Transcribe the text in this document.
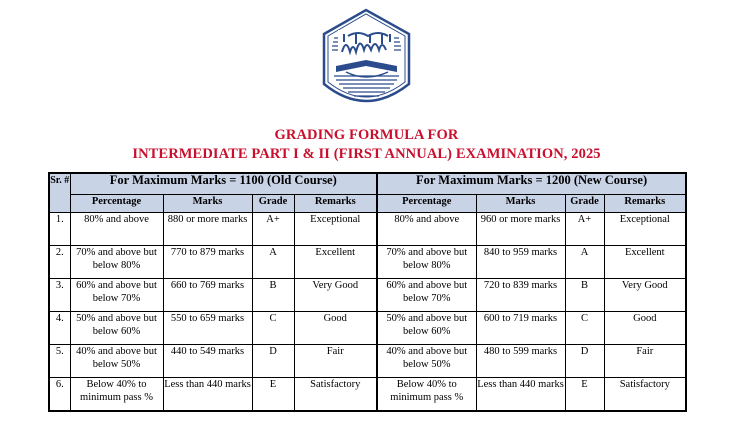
GRADING FORMULA FOR
INTERMEDIATE PART I & II (FIRST ANNUAL) EXAMINATION, 2025
Sr. #	For Maximum Marks = 1100 (Old Course)				For Maximum Marks = 1200 (New Course)			
	Percentage	Marks	Grade	Remarks	Percentage	Marks	Grade	Remarks
1.	80% and above	880 or more marks	A+	Exceptional	80% and above	960 or more marks	A+	Exceptional
2.	70% and above but below 80%	770 to 879 marks	A	Excellent	70% and above but below 80%	840 to 959 marks	A	Excellent
3.	60% and above but below 70%	660 to 769 marks	B	Very Good	60% and above but below 70%	720 to 839 marks	B	Very Good
4.	50% and above but below 60%	550 to 659 marks	C	Good	50% and above but below 60%	600 to 719 marks	C	Good
5.	40% and above but below 50%	440 to 549 marks	D	Fair	40% and above but below 50%	480 to 599 marks	D	Fair
6.	Below 40% to minimum pass %	Less than 440 marks	E	Satisfactory	Below 40% to minimum pass %	Less than 440 marks	E	Satisfactory
